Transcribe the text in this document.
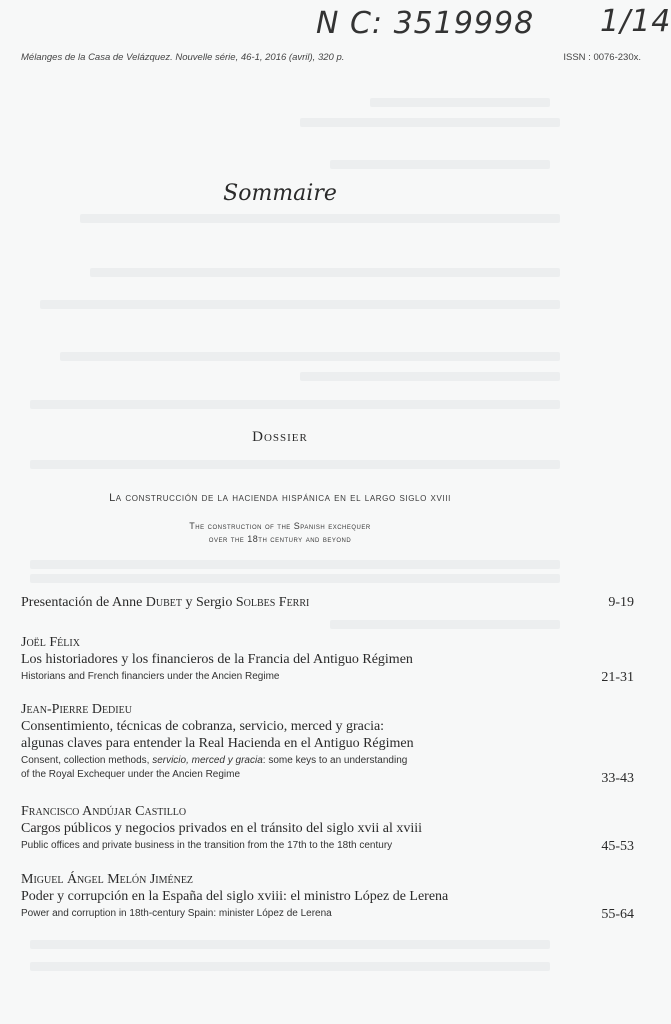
N C: 3519998 1/14
Mélanges de la Casa de Velázquez. Nouvelle série, 46-1, 2016 (avril), 320 p.	ISSN : 0076-230x.
Sommaire
Dossier
La construcción de la hacienda hispánica en el largo siglo xviii
The construction of the Spanish exchequer
over the 18th century and beyond
Presentación de Anne Dubet y Sergio Solbes Ferri	9-19
Joël Félix
Los historiadores y los financieros de la Francia del Antiguo Régimen
Historians and French financiers under the Ancien Regime	21-31
Jean-Pierre Dedieu
Consentimiento, técnicas de cobranza, servicio, merced y gracia:
algunas claves para entender la Real Hacienda en el Antiguo Régimen
Consent, collection methods, servicio, merced y gracia: some keys to an understanding
of the Royal Exchequer under the Ancien Regime	33-43
Francisco Andújar Castillo
Cargos públicos y negocios privados en el tránsito del siglo xvii al xviii
Public offices and private business in the transition from the 17th to the 18th century	45-53
Miguel Ángel Melón Jiménez
Poder y corrupción en la España del siglo xviii: el ministro López de Lerena
Power and corruption in 18th-century Spain: minister López de Lerena	55-64
